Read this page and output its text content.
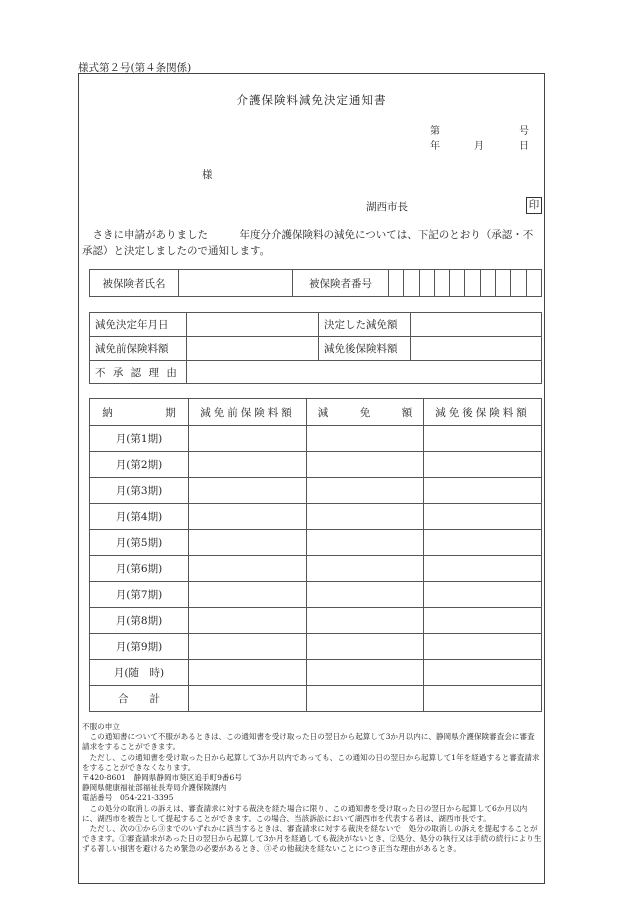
様式第２号(第４条関係)
介護保険料減免決定通知書
第	号
年	月	日
様
湖西市長	印
　さきに申請がありました　　　年度分介護保険料の減免については、下記のとおり（承認・不承認）と決定しましたので通知します。
被保険者氏名		被保険者番号										
減免決定年月日		決定した減免額	
減免前保険料額		減免後保険料額	
不 承 認 理 由			
納　　　　　期	減免前保険料額	減　　　免　　　額	減免後保険料額
月(第1期)			
月(第2期)			
月(第3期)			
月(第4期)			
月(第5期)			
月(第6期)			
月(第7期)			
月(第8期)			
月(第9期)			
月(随　時)			
合　　計			

不服の申立

　この通知書について不服があるときは、この通知書を受け取った日の翌日から起算して3か月以内に、静岡県介護保険審査会に審査請求をすることができます。

　ただし、この通知書を受け取った日から起算して3か月以内であっても、この通知の日の翌日から起算して1年を経過すると審査請求をすることができなくなります。

〒420-8601　静岡県静岡市葵区追手町9番6号

静岡県健康福祉部福祉長寿局介護保険課内

電話番号　054-221-3395

　この処分の取消しの訴えは、審査請求に対する裁決を経た場合に限り、この通知書を受け取った日の翌日から起算して6か月以内に、湖西市を被告として提起することができます。この場合、当該訴訟において湖西市を代表する者は、湖西市長です。

　ただし、次の①から③までのいずれかに該当するときは、審査請求に対する裁決を経ないで　処分の取消しの訴えを提起することができます。①審査請求があった日の翌日から起算して3か月を経過しても裁決がないとき、②処分、処分の執行又は手続の続行により生ずる著しい損害を避けるため緊急の必要があるとき、③その他裁決を経ないことにつき正当な理由があるとき。
